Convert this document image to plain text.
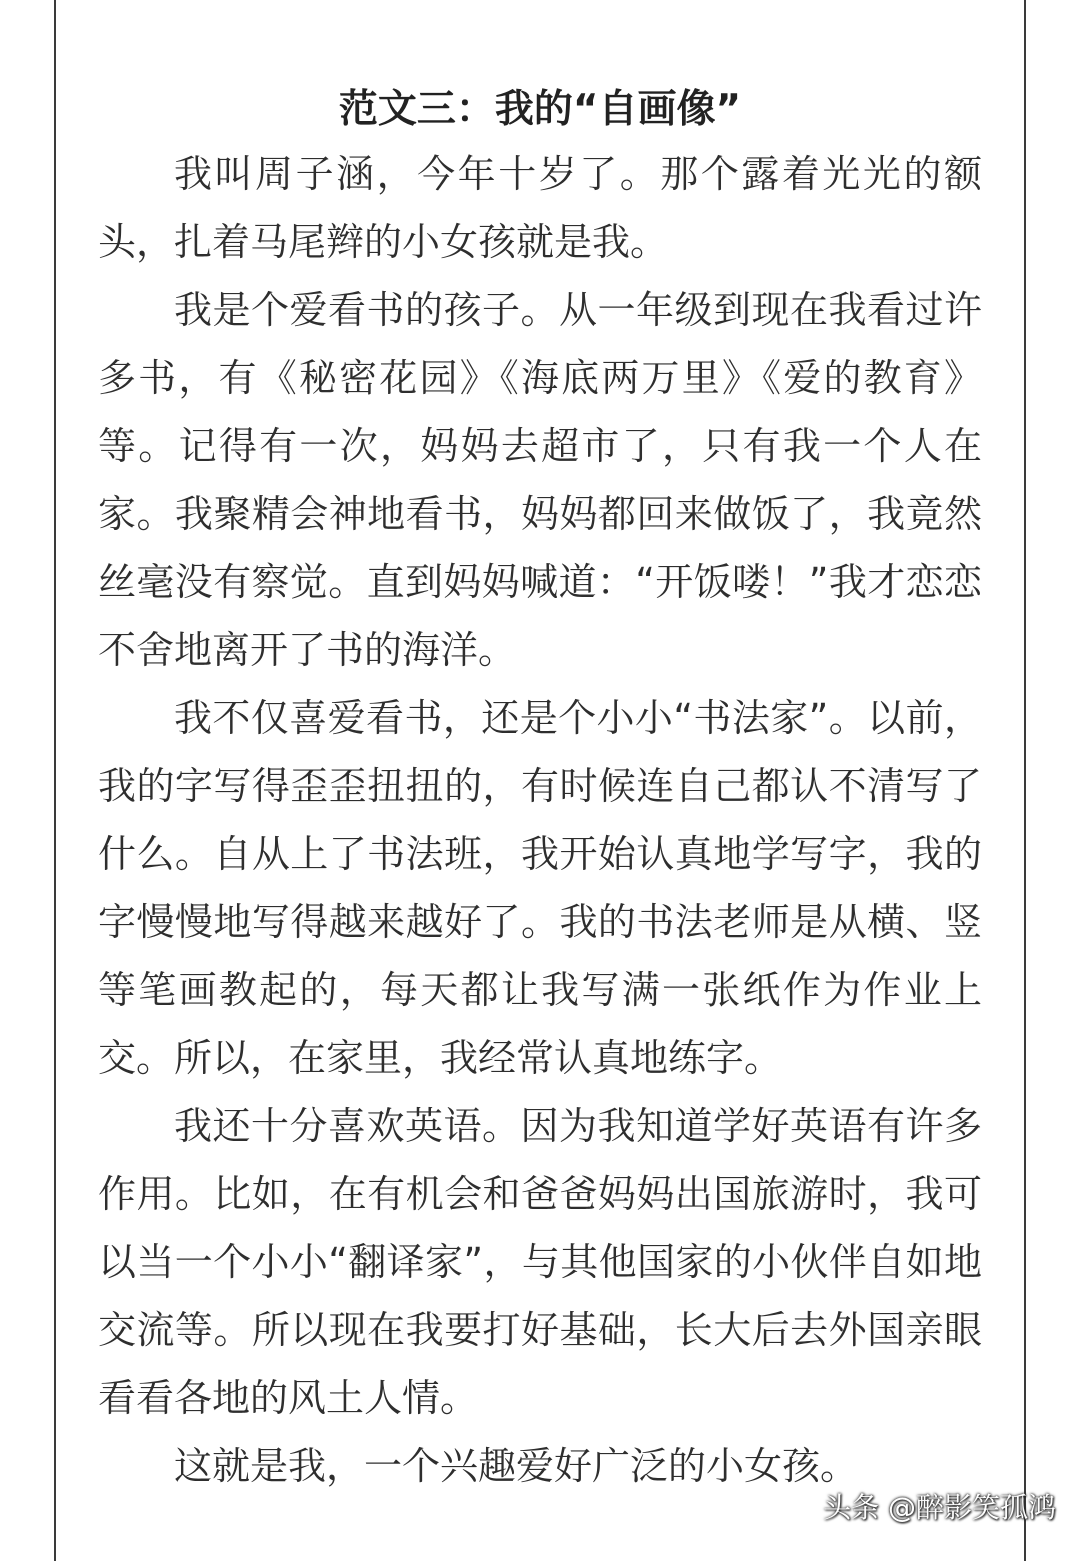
范文三：我的“自画像”

我叫周子涵，今年十岁了。那个露着光光的额头，扎着马尾辫的小女孩就是我。

我是个爱看书的孩子。从一年级到现在我看过许多书，有《秘密花园》《海底两万里》《爱的教育》等。记得有一次，妈妈去超市了，只有我一个人在家。我聚精会神地看书，妈妈都回来做饭了，我竟然丝毫没有察觉。直到妈妈喊道：“开饭喽！”我才恋恋不舍地离开了书的海洋。

我不仅喜爱看书，还是个小小“书法家”。以前，我的字写得歪歪扭扭的，有时候连自己都认不清写了什么。自从上了书法班，我开始认真地学写字，我的字慢慢地写得越来越好了。我的书法老师是从横、竖等笔画教起的，每天都让我写满一张纸作为作业上交。所以，在家里，我经常认真地练字。

我还十分喜欢英语。因为我知道学好英语有许多作用。比如，在有机会和爸爸妈妈出国旅游时，我可以当一个小小“翻译家”，与其他国家的小伙伴自如地交流等。所以现在我要打好基础，长大后去外国亲眼看看各地的风土人情。

这就是我，一个兴趣爱好广泛的小女孩。

头条 @醉影笑孤鸿
